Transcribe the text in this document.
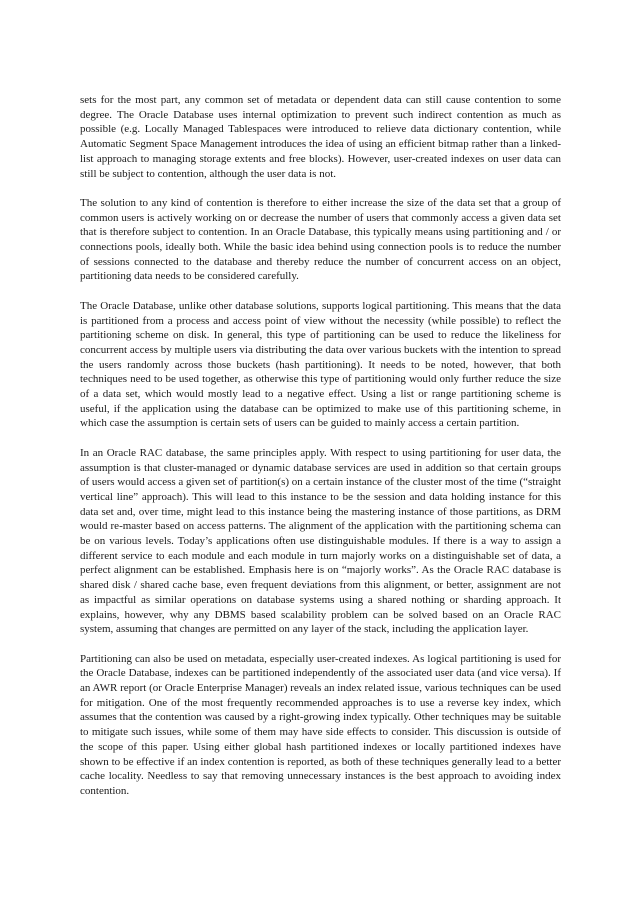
sets for the most part, any common set of metadata or dependent data can still cause contention to some degree. The Oracle Database uses internal optimization to prevent such indirect contention as much as possible (e.g. Locally Managed Tablespaces were introduced to relieve data dictionary contention, while Automatic Segment Space Management introduces the idea of using an efficient bitmap rather than a linked-list approach to managing storage extents and free blocks). However, user-created indexes on user data can still be subject to contention, although the user data is not.

The solution to any kind of contention is therefore to either increase the size of the data set that a group of common users is actively working on or decrease the number of users that commonly access a given data set that is therefore subject to contention. In an Oracle Database, this typically means using partitioning and / or connections pools, ideally both. While the basic idea behind using connection pools is to reduce the number of sessions connected to the database and thereby reduce the number of concurrent access on an object, partitioning data needs to be considered carefully.

The Oracle Database, unlike other database solutions, supports logical partitioning. This means that the data is partitioned from a process and access point of view without the necessity (while possible) to reflect the partitioning scheme on disk. In general, this type of partitioning can be used to reduce the likeliness for concurrent access by multiple users via distributing the data over various buckets with the intention to spread the users randomly across those buckets (hash partitioning). It needs to be noted, however, that both techniques need to be used together, as otherwise this type of partitioning would only further reduce the size of a data set, which would mostly lead to a negative effect. Using a list or range partitioning scheme is useful, if the application using the database can be optimized to make use of this partitioning scheme, in which case the assumption is certain sets of users can be guided to mainly access a certain partition.

In an Oracle RAC database, the same principles apply. With respect to using partitioning for user data, the assumption is that cluster-managed or dynamic database services are used in addition so that certain groups of users would access a given set of partition(s) on a certain instance of the cluster most of the time (“straight vertical line” approach). This will lead to this instance to be the session and data holding instance for this data set and, over time, might lead to this instance being the mastering instance of those partitions, as DRM would re-master based on access patterns. The alignment of the application with the partitioning schema can be on various levels. Today’s applications often use distinguishable modules. If there is a way to assign a different service to each module and each module in turn majorly works on a distinguishable set of data, a perfect alignment can be established. Emphasis here is on “majorly works”. As the Oracle RAC database is shared disk / shared cache base, even frequent deviations from this alignment, or better, assignment are not as impactful as similar operations on database systems using a shared nothing or sharding approach. It explains, however, why any DBMS based scalability problem can be solved based on an Oracle RAC system, assuming that changes are permitted on any layer of the stack, including the application layer.

Partitioning can also be used on metadata, especially user-created indexes. As logical partitioning is used for the Oracle Database, indexes can be partitioned independently of the associated user data (and vice versa). If an AWR report (or Oracle Enterprise Manager) reveals an index related issue, various techniques can be used for mitigation. One of the most frequently recommended approaches is to use a reverse key index, which assumes that the contention was caused by a right-growing index typically. Other techniques may be suitable to mitigate such issues, while some of them may have side effects to consider. This discussion is outside of the scope of this paper. Using either global hash partitioned indexes or locally partitioned indexes have shown to be effective if an index contention is reported, as both of these techniques generally lead to a better cache locality. Needless to say that removing unnecessary instances is the best approach to avoiding index contention.
